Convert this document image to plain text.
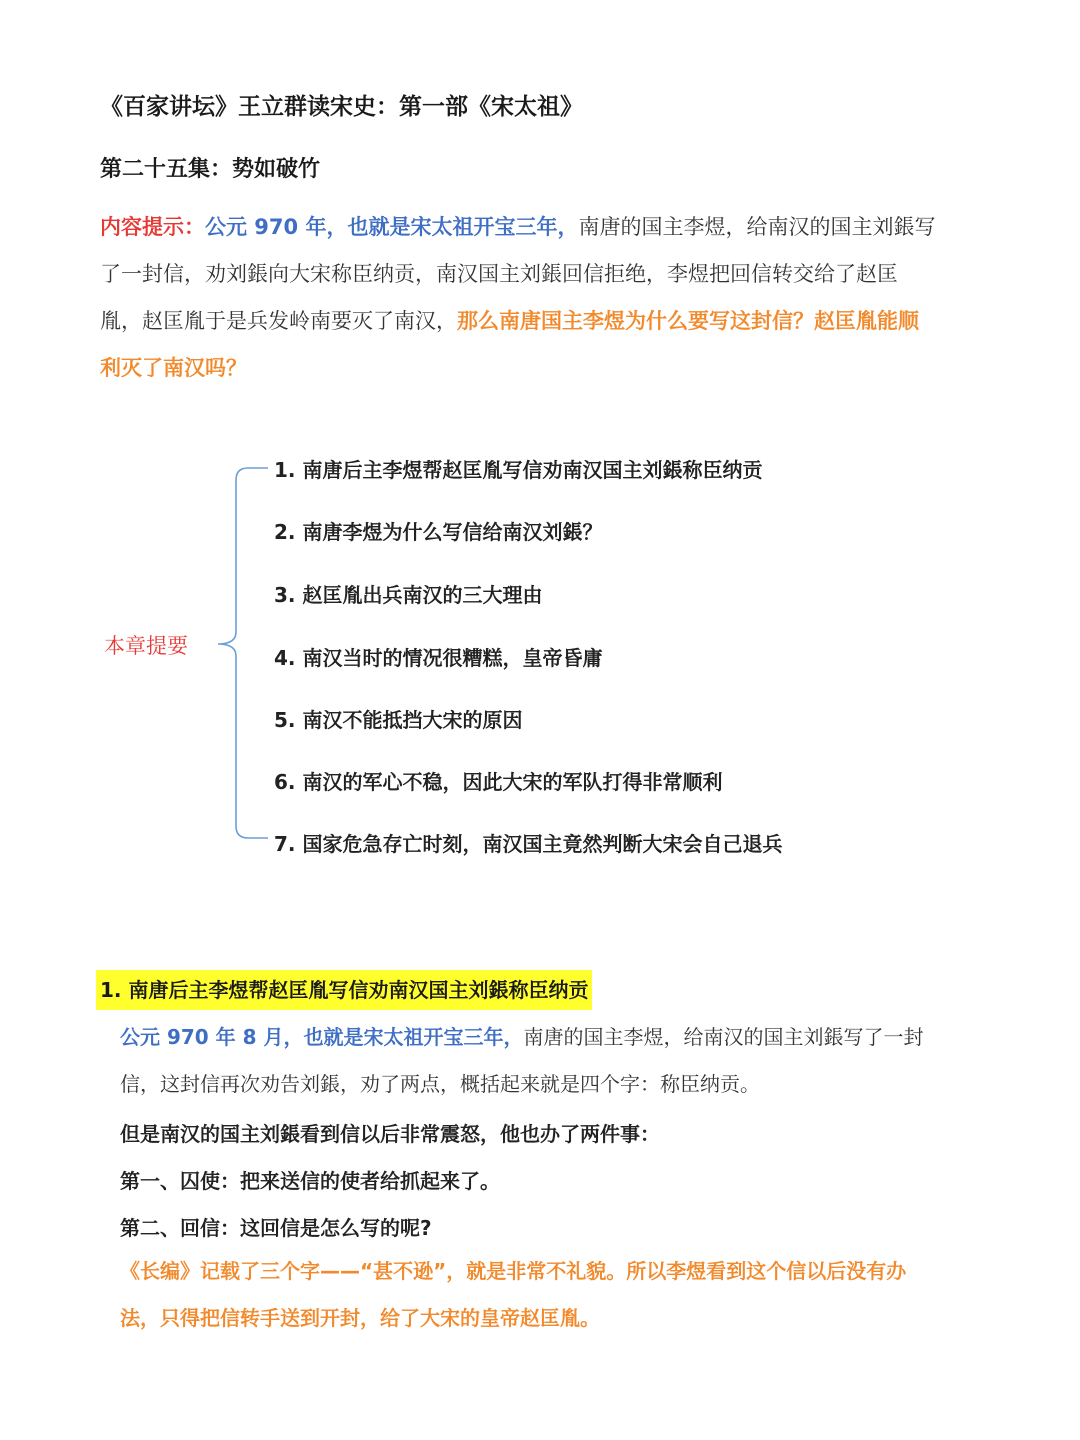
《百家讲坛》王立群读宋史：第一部《宋太祖》
第二十五集：势如破竹
内容提示：公元 970 年，也就是宋太祖开宝三年，南唐的国主李煜，给南汉的国主刘鋹写了一封信，劝刘鋹向大宋称臣纳贡，南汉国主刘鋹回信拒绝，李煜把回信转交给了赵匡胤，赵匡胤于是兵发岭南要灭了南汉，那么南唐国主李煜为什么要写这封信？赵匡胤能顺利灭了南汉吗？
本章提要
1. 南唐后主李煜帮赵匡胤写信劝南汉国主刘鋹称臣纳贡
2. 南唐李煜为什么写信给南汉刘鋹？
3. 赵匡胤出兵南汉的三大理由
4. 南汉当时的情况很糟糕，皇帝昏庸
5. 南汉不能抵挡大宋的原因
6. 南汉的军心不稳，因此大宋的军队打得非常顺利
7. 国家危急存亡时刻，南汉国主竟然判断大宋会自己退兵
1. 南唐后主李煜帮赵匡胤写信劝南汉国主刘鋹称臣纳贡
公元 970 年 8 月，也就是宋太祖开宝三年，南唐的国主李煜，给南汉的国主刘鋹写了一封信，这封信再次劝告刘鋹，劝了两点，概括起来就是四个字：称臣纳贡。
但是南汉的国主刘鋹看到信以后非常震怒，他也办了两件事：
第一、囚使：把来送信的使者给抓起来了。
第二、回信：这回信是怎么写的呢?
《长编》记载了三个字——“甚不逊”，就是非常不礼貌。所以李煜看到这个信以后没有办法，只得把信转手送到开封，给了大宋的皇帝赵匡胤。
